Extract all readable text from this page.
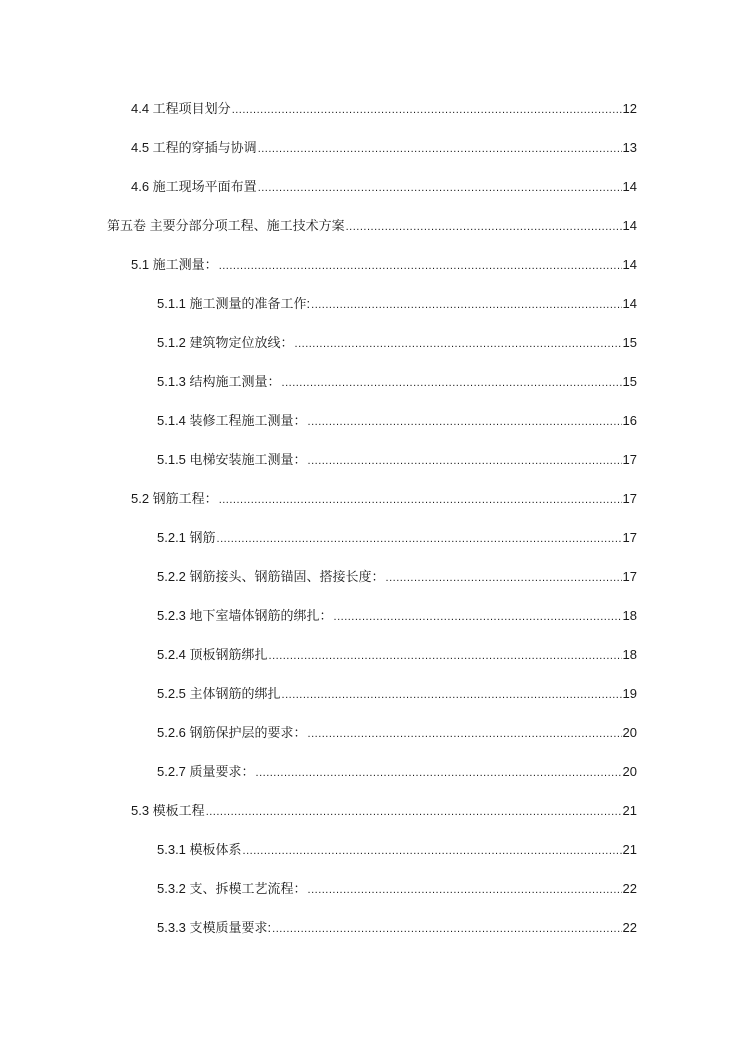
4.4 工程项目划分 .....	12
4.5 工程的穿插与协调 .....	13
4.6 施工现场平面布置 .....	14
第五卷 主要分部分项工程、施工技术方案 .....	14
5.1 施工测量： .....	14
5.1.1 施工测量的准备工作: .....	14
5.1.2 建筑物定位放线： .....	15
5.1.3 结构施工测量： .....	15
5.1.4 装修工程施工测量： .....	16
5.1.5 电梯安装施工测量： .....	17
5.2 钢筋工程： .....	17
5.2.1 钢筋 .....	17
5.2.2 钢筋接头、钢筋锚固、搭接长度： .....	17
5.2.3 地下室墙体钢筋的绑扎： .....	18
5.2.4 顶板钢筋绑扎 .....	18
5.2.5 主体钢筋的绑扎 .....	19
5.2.6 钢筋保护层的要求： .....	20
5.2.7 质量要求： .....	20
5.3 模板工程 .....	21
5.3.1 模板体系 .....	21
5.3.2 支、拆模工艺流程： .....	22
5.3.3 支模质量要求: .....	22
